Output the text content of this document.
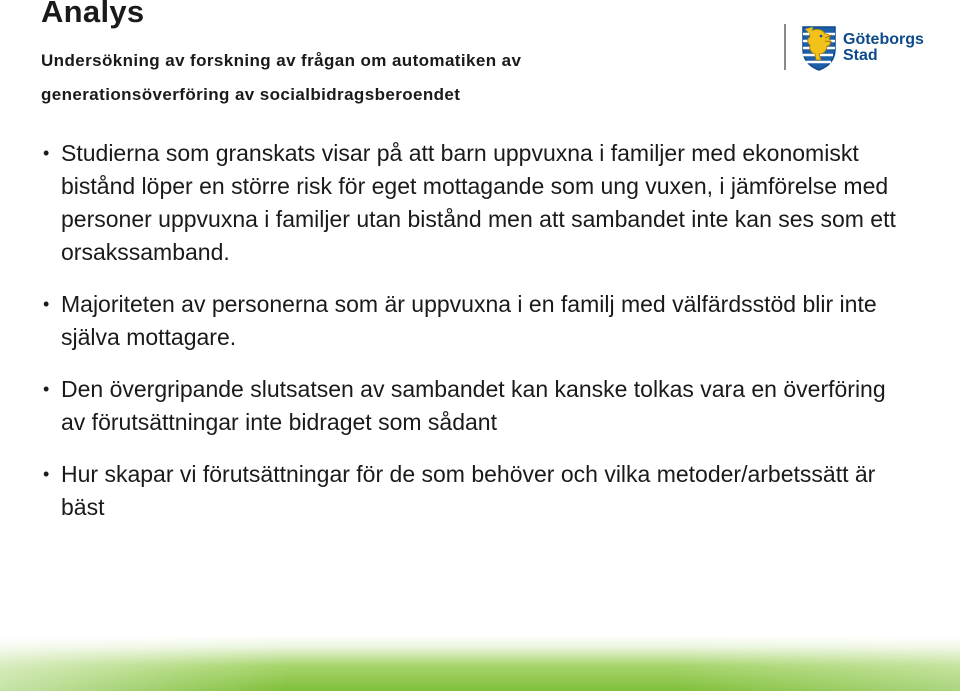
Analys

Undersökning av forskning av frågan om automatiken av generationsöverföring av socialbidragsberoendet

Göteborgs
Stad
• Studierna som granskats visar på att barn uppvuxna i familjer med ekonomiskt bistånd löper en större risk för eget mottagande som ung vuxen, i jämförelse med personer uppvuxna i familjer utan bistånd men att sambandet inte kan ses som ett orsakssamband.
• Majoriteten av personerna som är uppvuxna i en familj med välfärdsstöd blir inte själva mottagare.
• Den övergripande slutsatsen av sambandet kan kanske tolkas vara en överföring av förutsättningar inte bidraget som sådant
• Hur skapar vi förutsättningar för de som behöver och vilka metoder/arbetssätt är bäst
